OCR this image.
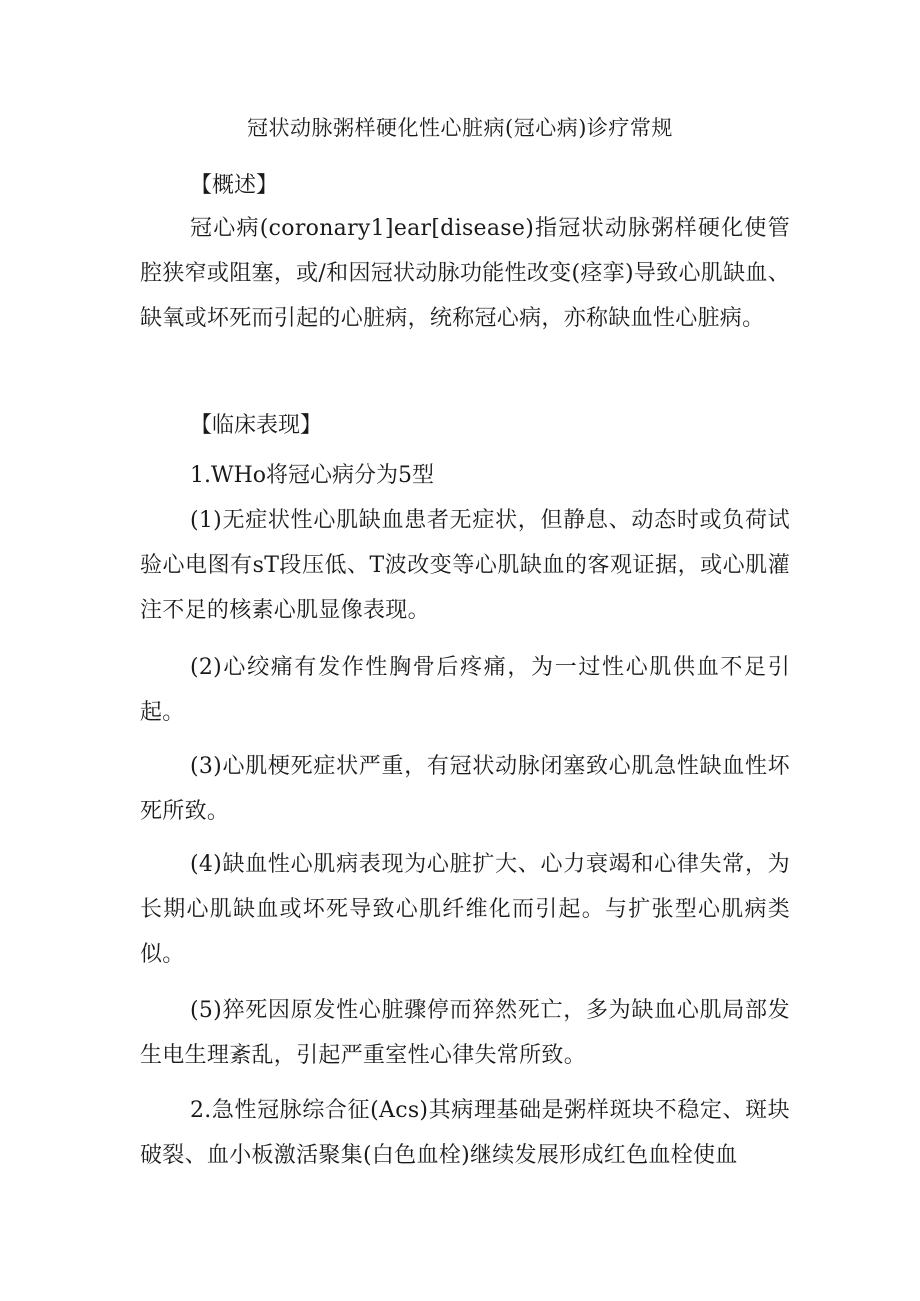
冠状动脉粥样硬化性心脏病(冠心病)诊疗常规
【概述】
冠心病(coronary1]ear[disease)指冠状动脉粥样硬化使管腔狭窄或阻塞，或/和因冠状动脉功能性改变(痉挛)导致心肌缺血、缺氧或坏死而引起的心脏病，统称冠心病，亦称缺血性心脏病。
【临床表现】
1.WHo将冠心病分为5型
(1)无症状性心肌缺血患者无症状，但静息、动态时或负荷试验心电图有sT段压低、T波改变等心肌缺血的客观证据，或心肌灌注不足的核素心肌显像表现。
(2)心绞痛有发作性胸骨后疼痛，为一过性心肌供血不足引起。
(3)心肌梗死症状严重，有冠状动脉闭塞致心肌急性缺血性坏死所致。
(4)缺血性心肌病表现为心脏扩大、心力衰竭和心律失常，为长期心肌缺血或坏死导致心肌纤维化而引起。与扩张型心肌病类似。
(5)猝死因原发性心脏骤停而猝然死亡，多为缺血心肌局部发生电生理紊乱，引起严重室性心律失常所致。
2.急性冠脉综合征(Acs)其病理基础是粥样斑块不稳定、斑块破裂、血小板激活聚集(白色血栓)继续发展形成红色血栓使血
